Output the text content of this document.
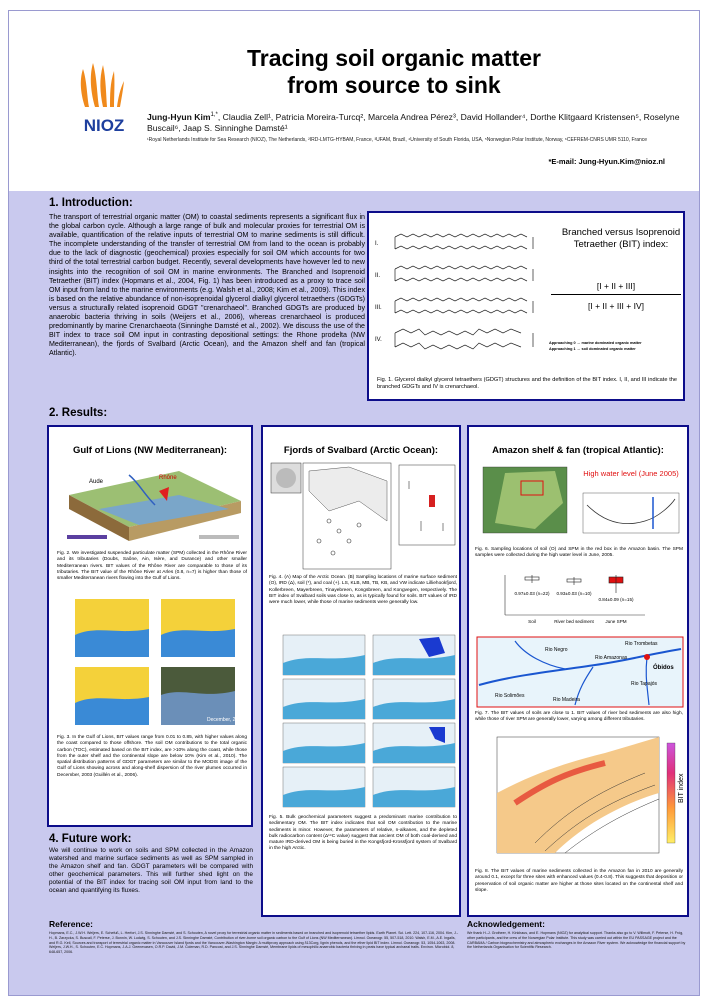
NIOZ
Tracing soil organic matter
from source to sink
Jung-Hyun Kim$^{1,*}$, Claudia Zell¹, Patricia Moreira-Turcq², Marcela Andrea Pérez³, David Hollander⁴, Dorthe Klitgaard Kristensen⁵, Roselyne Buscail⁶, Jaap S. Sinninghe Damsté¹
¹Royal Netherlands Institute for Sea Research (NIOZ), The Netherlands, ²IRD-LMTG-HYBAM, France, ³UFAM, Brazil, ⁴University of South Florida, USA, ⁵Norwegian Polar Institute, Norway, ⁶CEFREM-CNRS UMR 5110, France
*E-mail: Jung-Hyun.Kim@nioz.nl
1. Introduction:
The transport of terrestrial organic matter (OM) to coastal sediments represents a significant flux in the global carbon cycle. Although a large range of bulk and molecular proxies for terrestrial OM is available, quantification of the relative inputs of terrestrial OM to marine sediments is still difficult. The incomplete understanding of the transfer of terrestrial OM from land to the ocean is probably due to the lack of diagnostic (geochemical) proxies especially for soil OM which accounts for two third of the total terrestrial carbon budget. Recently, several developments have however led to new insights into the recognition of soil OM in marine environments. The Branched and Isoprenoid Tetraether (BIT) index (Hopmans et al., 2004, Fig. 1) has been introduced as a proxy to trace soil OM input from land to the marine environments (e.g. Walsh et al., 2008; Kim et al., 2009). This index is based on the relative abundance of non-isoprenoidal glycerol dialkyl glycerol tetraethers (GDGTs) versus a structurally related isoprenoid GDGT "crenarchaeol". Branched GDGTs are produced by anaerobic bacteria thriving in soils (Weijers et al., 2006), whereas crenarchaeol is produced predominantly by marine Crenarchaeota (Sinninghe Damsté et al., 2002). We discuss the use of the BIT index to trace soil OM input in contrasting depositional settings: the Rhone prodelta (NW Mediterranean), the fjords of Svalbard (Arctic Ocean), and the Amazon shelf and fan (tropical Atlantic).
I.
II.
III.
IV.
Branched versus Isoprenoid Tetraether (BIT) index:
[I + II + III]
[I + II + III + IV]
Approaching 0 → marine dominated organic matter
Approaching 1 → soil dominated organic matter
Fig. 1. Glycerol dialkyl glycerol tetraethers (GDGT) structures and the definition of the BIT index. I, II, and III indicate the branched GDGTs and IV is crenarchaeol.
2. Results:
Gulf of Lions (NW Mediterranean):
Aude
Rhône
Fig. 2. We investigated suspended particulate matter (SPM) collected in the Rhône River and its tributaries (Doubs, Saône, Ain, Isère, and Durance) and other smaller Mediterranean rivers. BIT values of the Rhône River are comparable to those of its tributaries. The BIT value of the Rhône River at Arles (0.8, n=7) is higher than those of smaller Mediterranean rivers flowing into the Gulf of Lions.
December, 2003
Fig. 3. In the Gulf of Lions, BIT values range from 0.01 to 0.85, with higher values along the coast compared to those offshore. The soil OM contributions to the total organic carbon (TOC), estimated based on the BIT index, are >10% along the coast, while those from the outer shelf and the continental slope are below 10% (Kim et al., 2010). The spatial distribution patterns of GDGT parameters are similar to the MODIS image of the Gulf of Lions showing across and along-shelf dispersion of the river plumes occurred in December, 2003 (Guillén et al., 2006).
Fjords of Svalbard (Arctic Ocean):
Fig. 4. (A) Map of the Arctic Ocean. (B) Sampling locations of marine surface sediment (O), IRD (Δ), soil (*), and coal (+). LS, KLB, MB, TB, KB, and VW indicate Lilliehookfjord, Kollerbreen, Mayerbreen, Tinayebreen, Kongsbreen, and Kongvegen, respectively. The BIT index of Svalbard soils was close to, as is typically found for soils. BIT values of IRD were much lower, while those of marine sediments were generally low.
Fig. 5. Bulk geochemical parameters suggest a predominant marine contribution to sedimentary OM. The BIT index indicates that soil OM contribution to the marine sediments is minor. However, the parameters of relative, n-alkanes, and the depleted bulk radiocarbon content (Δ¹⁴C value) suggest that ancient OM of both coal-derived and mature IRD-derived OM is being buried in the Kongsfjord-Krossfjord system of Svalbard in the high Arctic.
Amazon shelf & fan (tropical Atlantic):
High water level (June 2005)
Fig. 6. Sampling locations of soil (O) and SPM in the red box in the Amazon basin. The SPM samples were collected during the high water level in June, 2005.
0.97±0.03 (n=22) 0.93±0.03 (n=10)
0.84±0.09 (n=15)
Soil	River bed sediment	June SPM
Rio Negro
Rio Solimões
Rio Madeira
Rio Amazonas
Rio Tapajós
Rio Trombetas
Óbidos
Fig. 7. The BIT values of soils are close to 1. BIT values of river bed sediments are also high, while those of river SPM are generally lower, varying among different tributaries.
BIT index
Fig. 8. The BIT values of marine sediments collected in the Amazon fan in 2010 are generally around 0.1, except for three sites with enhanced values (0.4-0.8). This suggests that deposition or preservation of soil organic matter are higher at those sites located on the continental shelf and slope.
4. Future work:
We will continue to work on soils and SPM collected in the Amazon watershed and marine surface sediments as well as SPM sampled in the Amazon shelf and fan. GDGT parameters will be compared with other geochemical parameters. This will further shed light on the potential of the BIT index for tracing soil OM input from land to the ocean and quantifying its fluxes.
Reference:
Hopmans, E.C., J.W.H. Weijers, E. Schefuß, L. Herfort, J.S. Sinninghe Damsté, and S. Schouten, A novel proxy for terrestrial organic matter in sediments based on branched and isoprenoid tetraether lipids. Earth Planet. Sci. Lett. 224, 107-116, 2004. Kim, J.-H., B. Zarzycka, S. Buscail, F. Peterse, J. Bonnin, W. Ludwig, S. Schouten, and J.S. Sinninghe Damsté, Contribution of river-borne soil organic carbon to the Gulf of Lions (NW Mediterranean). Limnol. Oceanogr. 55, 507-518, 2010. Walsh, E.M., A.E. Ingalls, and R.G. Keil, Sources and transport of terrestrial organic matter in Vancouver Island fjords and the Vancouver-Washington Margin: A multiproxy approach using δ13Corg, lignin phenols, and the ether lipid BIT index. Limnol. Oceanogr. 53, 1054-1063, 2008. Weijers, J.W.H., S. Schouten, E.C. Hopmans, J.A.J. Geenevasen, O.R.P. David, J.M. Coleman, R.D. Pancost, and J.S. Sinninghe Damsté, Membrane lipids of mesophilic anaerobic bacteria thriving in peats have typical archaeal traits. Environ. Microbiol. 8, 648-657, 2006.
Acknowledgement:
We thank H.-J. Grotheer, H. Kinkhaus, and E. Hopmans (NIOZ) for analytical support. Thanks also go to V. Willmott, F. Peterse, H. Fróg, other participants, and the crew of the Norwegian Polar Institute. This study was carried out within the EU PASSAGE project and the CARBAMA / Carbon biogeochemistry and atmospheric exchanges in the Amazon River system. We acknowledge the financial support by the Netherlands Organisation for Scientific Research.
